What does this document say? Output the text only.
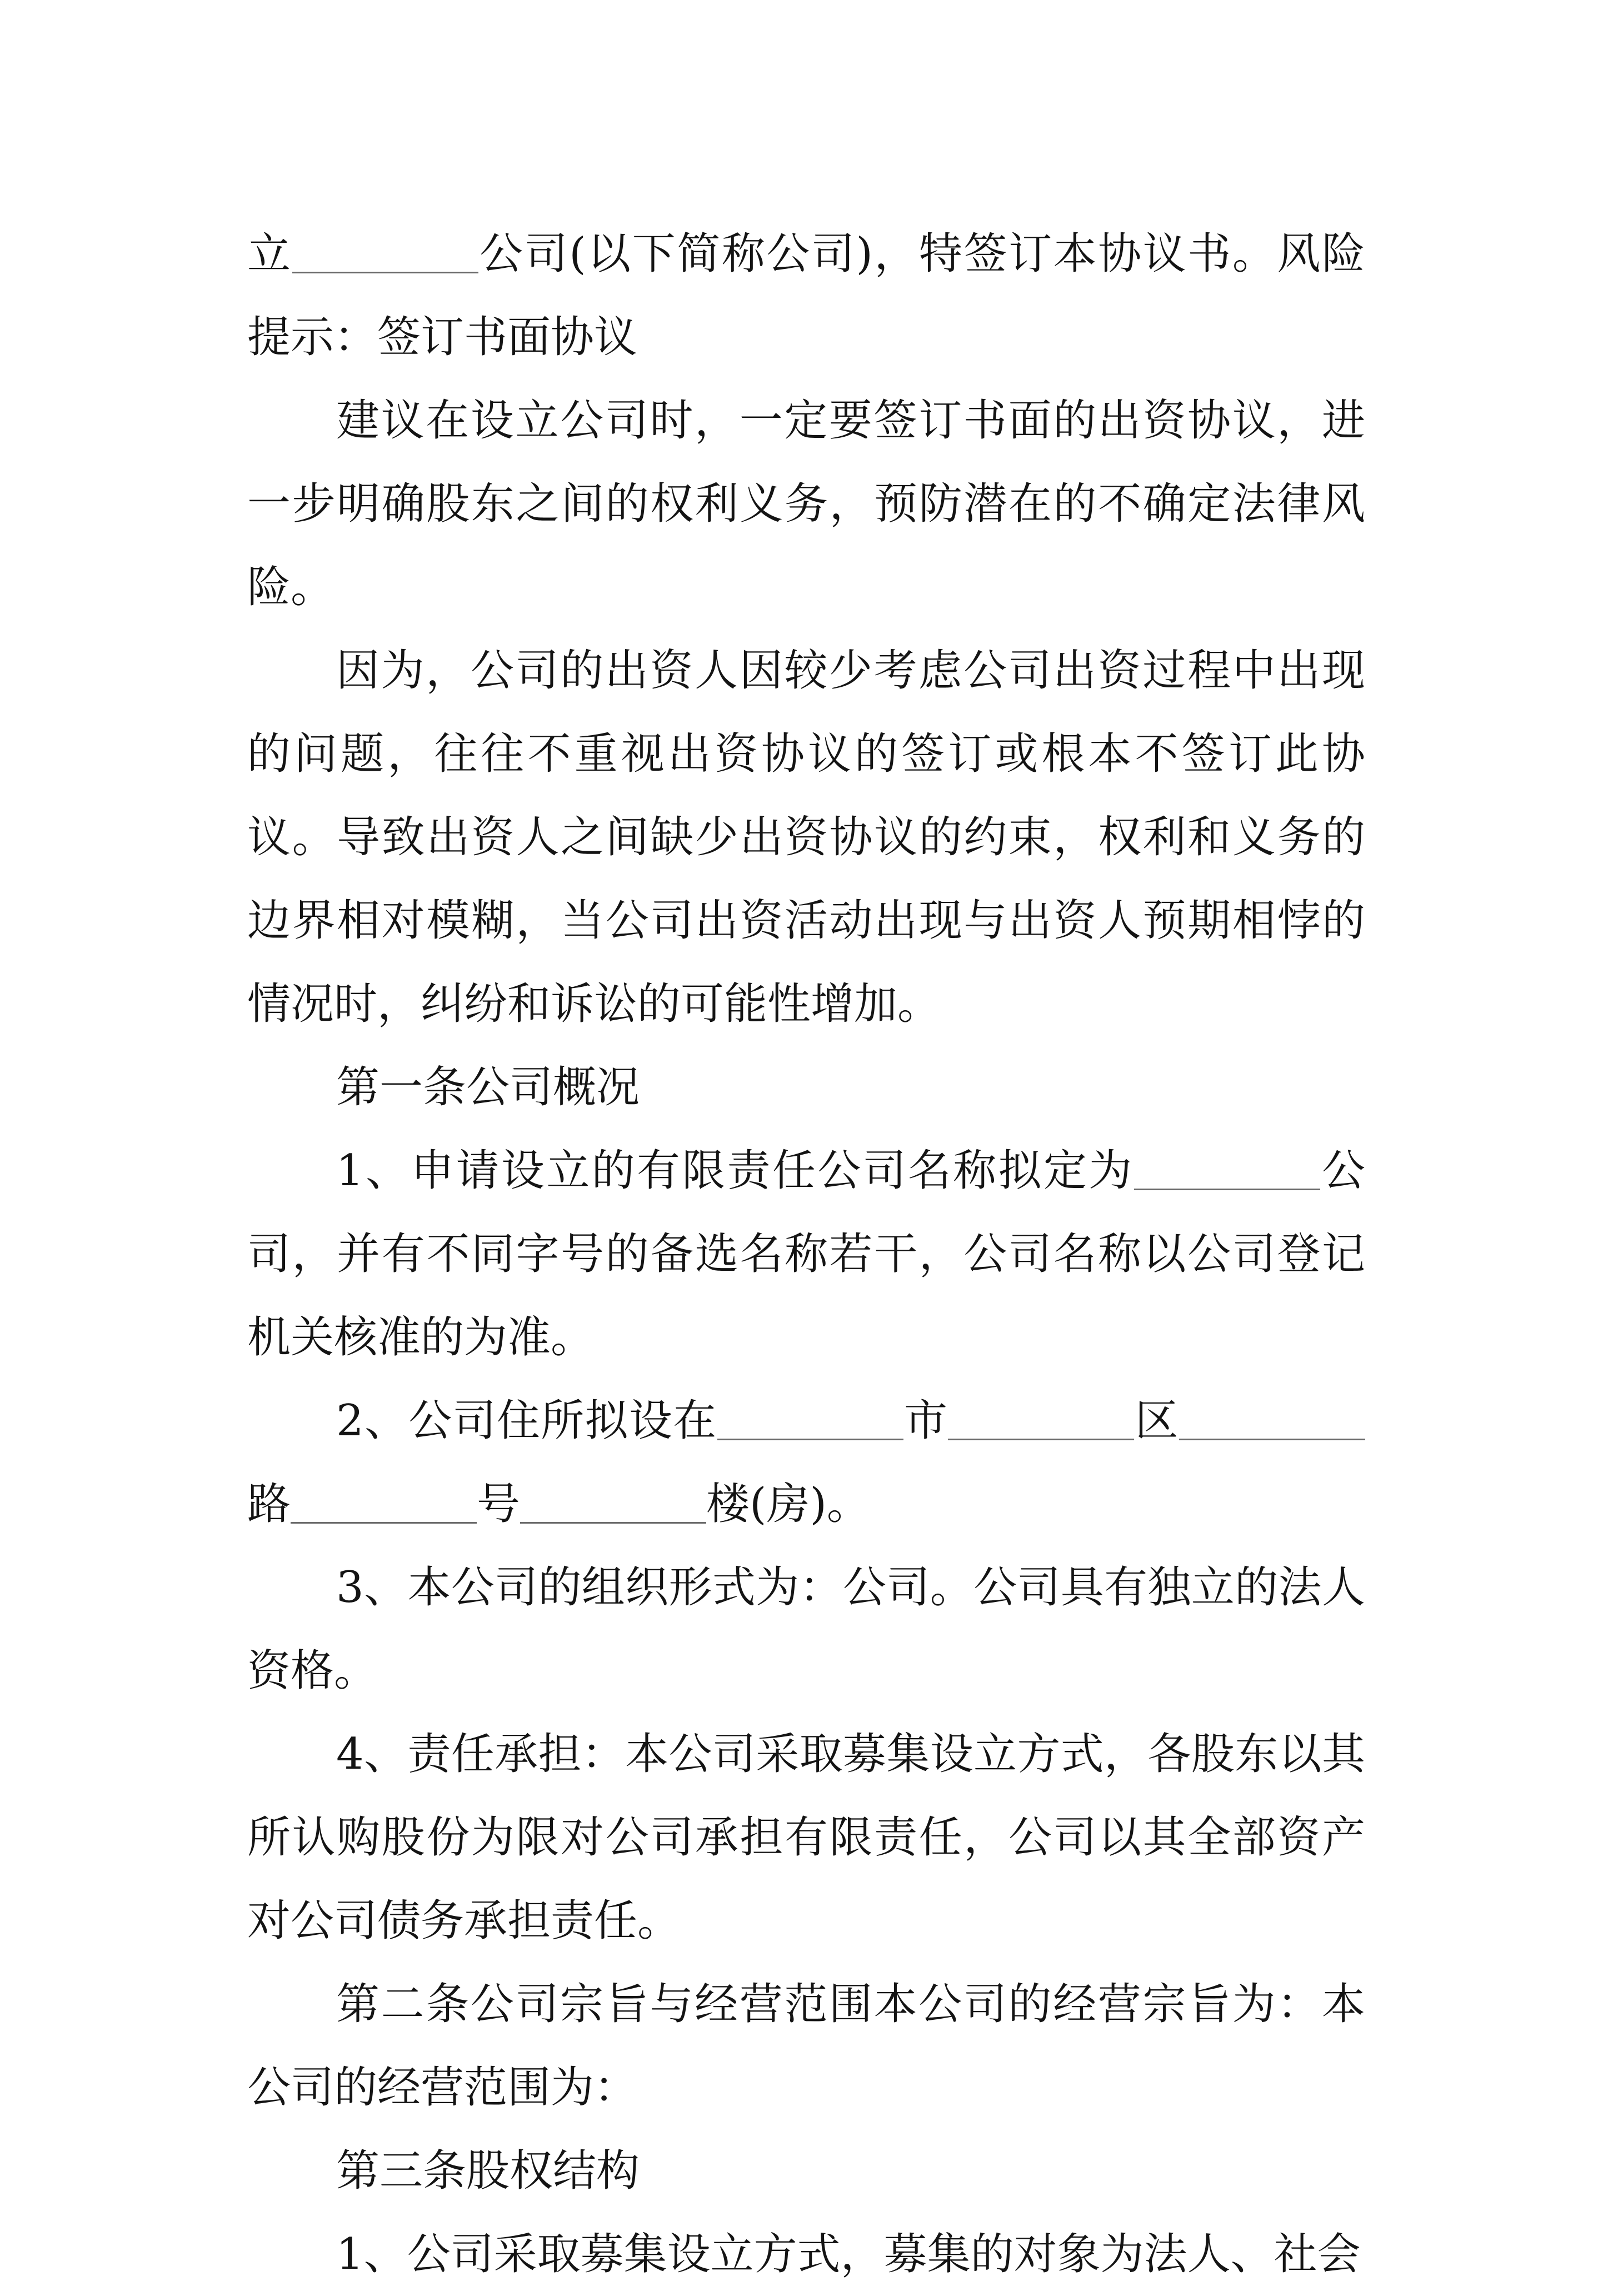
立	公司(以下简称公司)，特签订本协议书。风险提示：签订书面协议

建议在设立公司时，一定要签订书面的出资协议，进一步明确股东之间的权利义务，预防潜在的不确定法律风险。

因为，公司的出资人因较少考虑公司出资过程中出现的问题，往往不重视出资协议的签订或根本不签订此协议。导致出资人之间缺少出资协议的约束，权利和义务的边界相对模糊，当公司出资活动出现与出资人预期相悖的情况时，纠纷和诉讼的可能性增加。

第一条公司概况

1、申请设立的有限责任公司名称拟定为	公司，并有不同字号的备选名称若干，公司名称以公司登记机关核准的为准。

2、公司住所拟设在	市	区路	号	楼(房)。

3、本公司的组织形式为：公司。公司具有独立的法人资格。

4、责任承担：本公司采取募集设立方式，各股东以其所认购股份为限对公司承担有限责任，公司以其全部资产对公司债务承担责任。

第二条公司宗旨与经营范围本公司的经营宗旨为：本公司的经营范围为：

第三条股权结构

1、公司采取募集设立方式，募集的对象为法人、社会
